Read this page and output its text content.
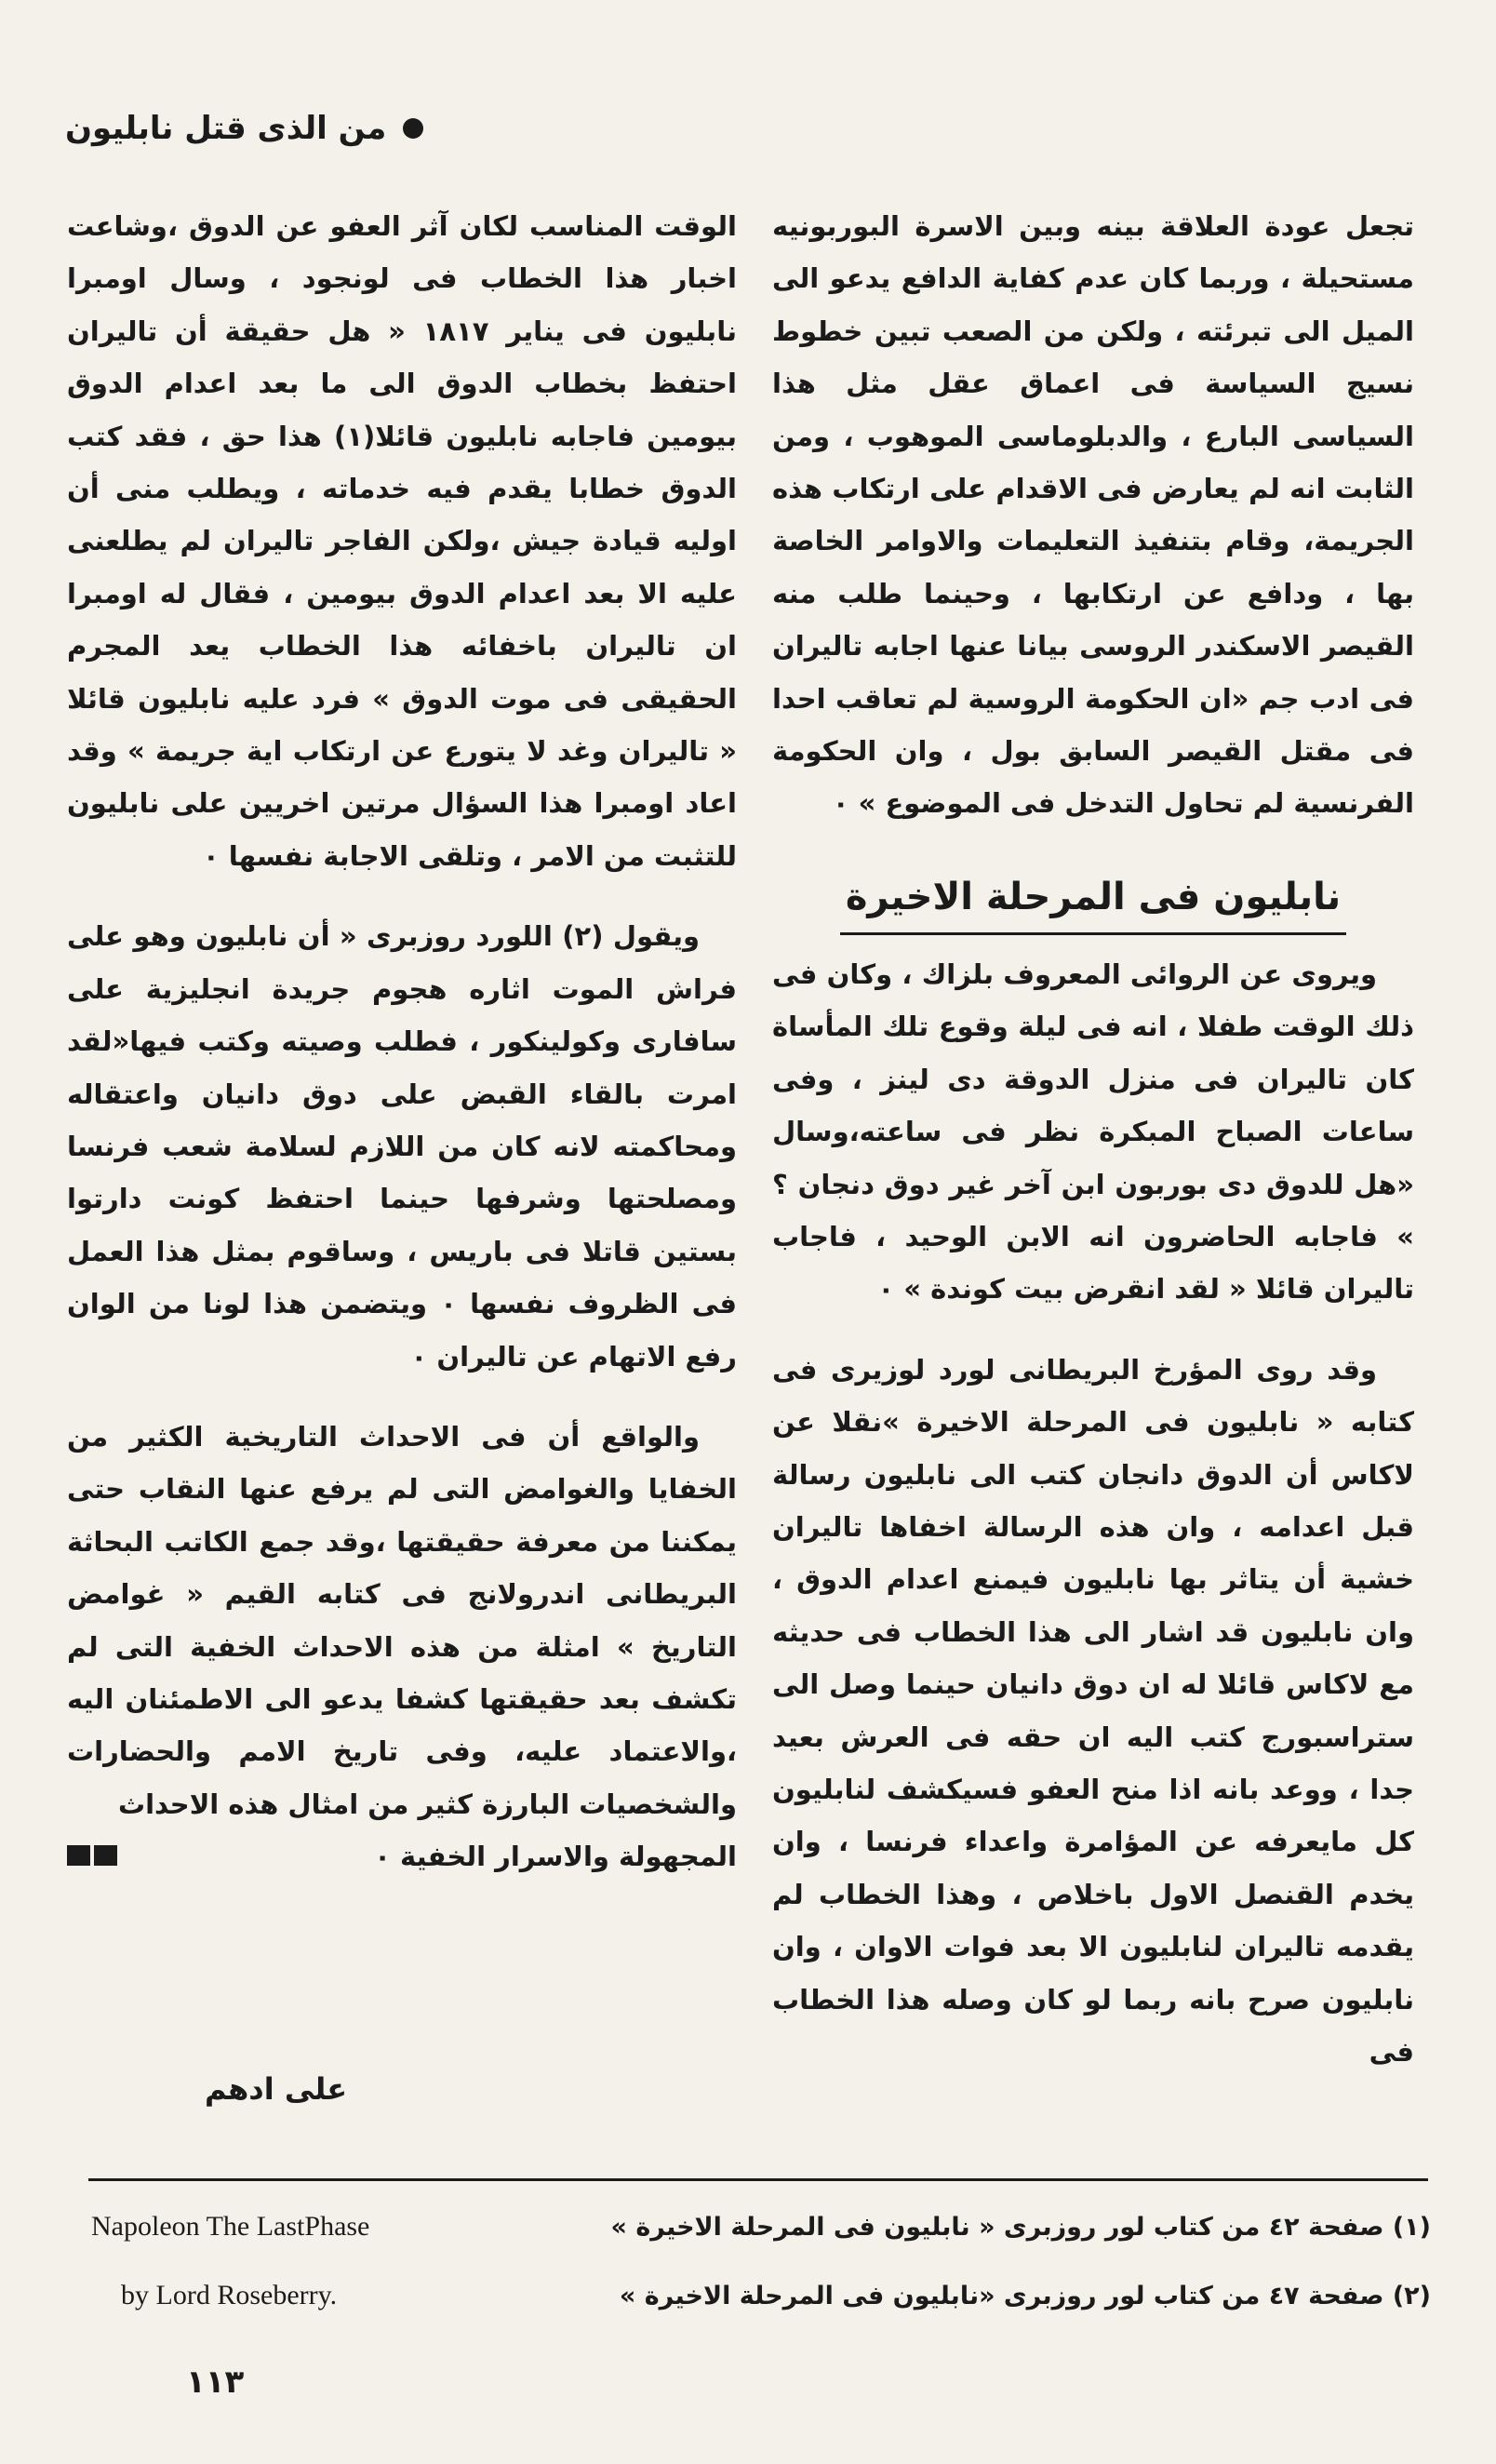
من الذى قتل نابليون

تجعل عودة العلاقة بينه وبين الاسرة البوربونيه مستحيلة ، وربما كان عدم كفاية الدافع يدعو الى الميل الى تبرئته ، ولكن من الصعب تبين خطوط نسيج السياسة فى اعماق عقل مثل هذا السياسى البارع ، والدبلوماسى الموهوب ، ومن الثابت انه لم يعارض فى الاقدام على ارتكاب هذه الجريمة، وقام بتنفيذ التعليمات والاوامر الخاصة بها ، ودافع عن ارتكابها ، وحينما طلب منه القيصر الاسكندر الروسى بيانا عنها اجابه تاليران فى ادب جم «ان الحكومة الروسية لم تعاقب احدا فى مقتل القيصر السابق بول ، وان الحكومة الفرنسية لم تحاول التدخل فى الموضوع » ٠

نابليون فى المرحلة الاخيرة

ويروى عن الروائى المعروف بلزاك ، وكان فى ذلك الوقت طفلا ، انه فى ليلة وقوع تلك المأساة كان تاليران فى منزل الدوقة دى لينز ، وفى ساعات الصباح المبكرة نظر فى ساعته،وسال «هل للدوق دى بوربون ابن آخر غير دوق دنجان ؟ » فاجابه الحاضرون انه الابن الوحيد ، فاجاب تاليران قائلا « لقد انقرض بيت كوندة » ٠

وقد روى المؤرخ البريطانى لورد لوزيرى فى كتابه « نابليون فى المرحلة الاخيرة »نقلا عن لاكاس أن الدوق دانجان كتب الى نابليون رسالة قبل اعدامه ، وان هذه الرسالة اخفاها تاليران خشية أن يتاثر بها نابليون فيمنع اعدام الدوق ، وان نابليون قد اشار الى هذا الخطاب فى حديثه مع لاكاس قائلا له ان دوق دانيان حينما وصل الى ستراسبورج كتب اليه ان حقه فى العرش بعيد جدا ، ووعد بانه اذا منح العفو فسيكشف لنابليون كل مايعرفه عن المؤامرة واعداء فرنسا ، وان يخدم القنصل الاول باخلاص ، وهذا الخطاب لم يقدمه تاليران لنابليون الا بعد فوات الاوان ، وان نابليون صرح بانه ربما لو كان وصله هذا الخطاب فى

الوقت المناسب لكان آثر العفو عن الدوق ،وشاعت اخبار هذا الخطاب فى لونجود ، وسال اومبرا نابليون فى يناير ١٨١٧ « هل حقيقة أن تاليران احتفظ بخطاب الدوق الى ما بعد اعدام الدوق بيومين فاجابه نابليون قائلا(١) هذا حق ، فقد كتب الدوق خطابا يقدم فيه خدماته ، ويطلب منى أن اوليه قيادة جيش ،ولكن الفاجر تاليران لم يطلعنى عليه الا بعد اعدام الدوق بيومين ، فقال له اومبرا ان تاليران باخفائه هذا الخطاب يعد المجرم الحقيقى فى موت الدوق » فرد عليه نابليون قائلا « تاليران وغد لا يتورع عن ارتكاب اية جريمة » وقد اعاد اومبرا هذا السؤال مرتين اخريين على نابليون للتثبت من الامر ، وتلقى الاجابة نفسها ٠

ويقول (٢) اللورد روزبرى « أن نابليون وهو على فراش الموت اثاره هجوم جريدة انجليزية على سافارى وكولينكور ، فطلب وصيته وكتب فيها«لقد امرت بالقاء القبض على دوق دانيان واعتقاله ومحاكمته لانه كان من اللازم لسلامة شعب فرنسا ومصلحتها وشرفها حينما احتفظ كونت دارتوا بستين قاتلا فى باريس ، وساقوم بمثل هذا العمل فى الظروف نفسها ٠ ويتضمن هذا لونا من الوان رفع الاتهام عن تاليران ٠

والواقع أن فى الاحداث التاريخية الكثير من الخفايا والغوامض التى لم يرفع عنها النقاب حتى يمكننا من معرفة حقيقتها ،وقد جمع الكاتب البحاثة البريطانى اندرولانج فى كتابه القيم « غوامض التاريخ » امثلة من هذه الاحداث الخفية التى لم تكشف بعد حقيقتها كشفا يدعو الى الاطمئنان اليه ،والاعتماد عليه، وفى تاريخ الامم والحضارات والشخصيات البارزة كثير من امثال هذه الاحداث

المجهولة والاسرار الخفية ٠
على ادهم
(١) صفحة ٤٢ من كتاب لور روزبرى « نابليون فى المرحلة الاخيرة »
Napoleon The LastPhase
(٢) صفحة ٤٧ من كتاب لور روزبرى «نابليون فى المرحلة الاخيرة »
by Lord Roseberry.
١١٣
